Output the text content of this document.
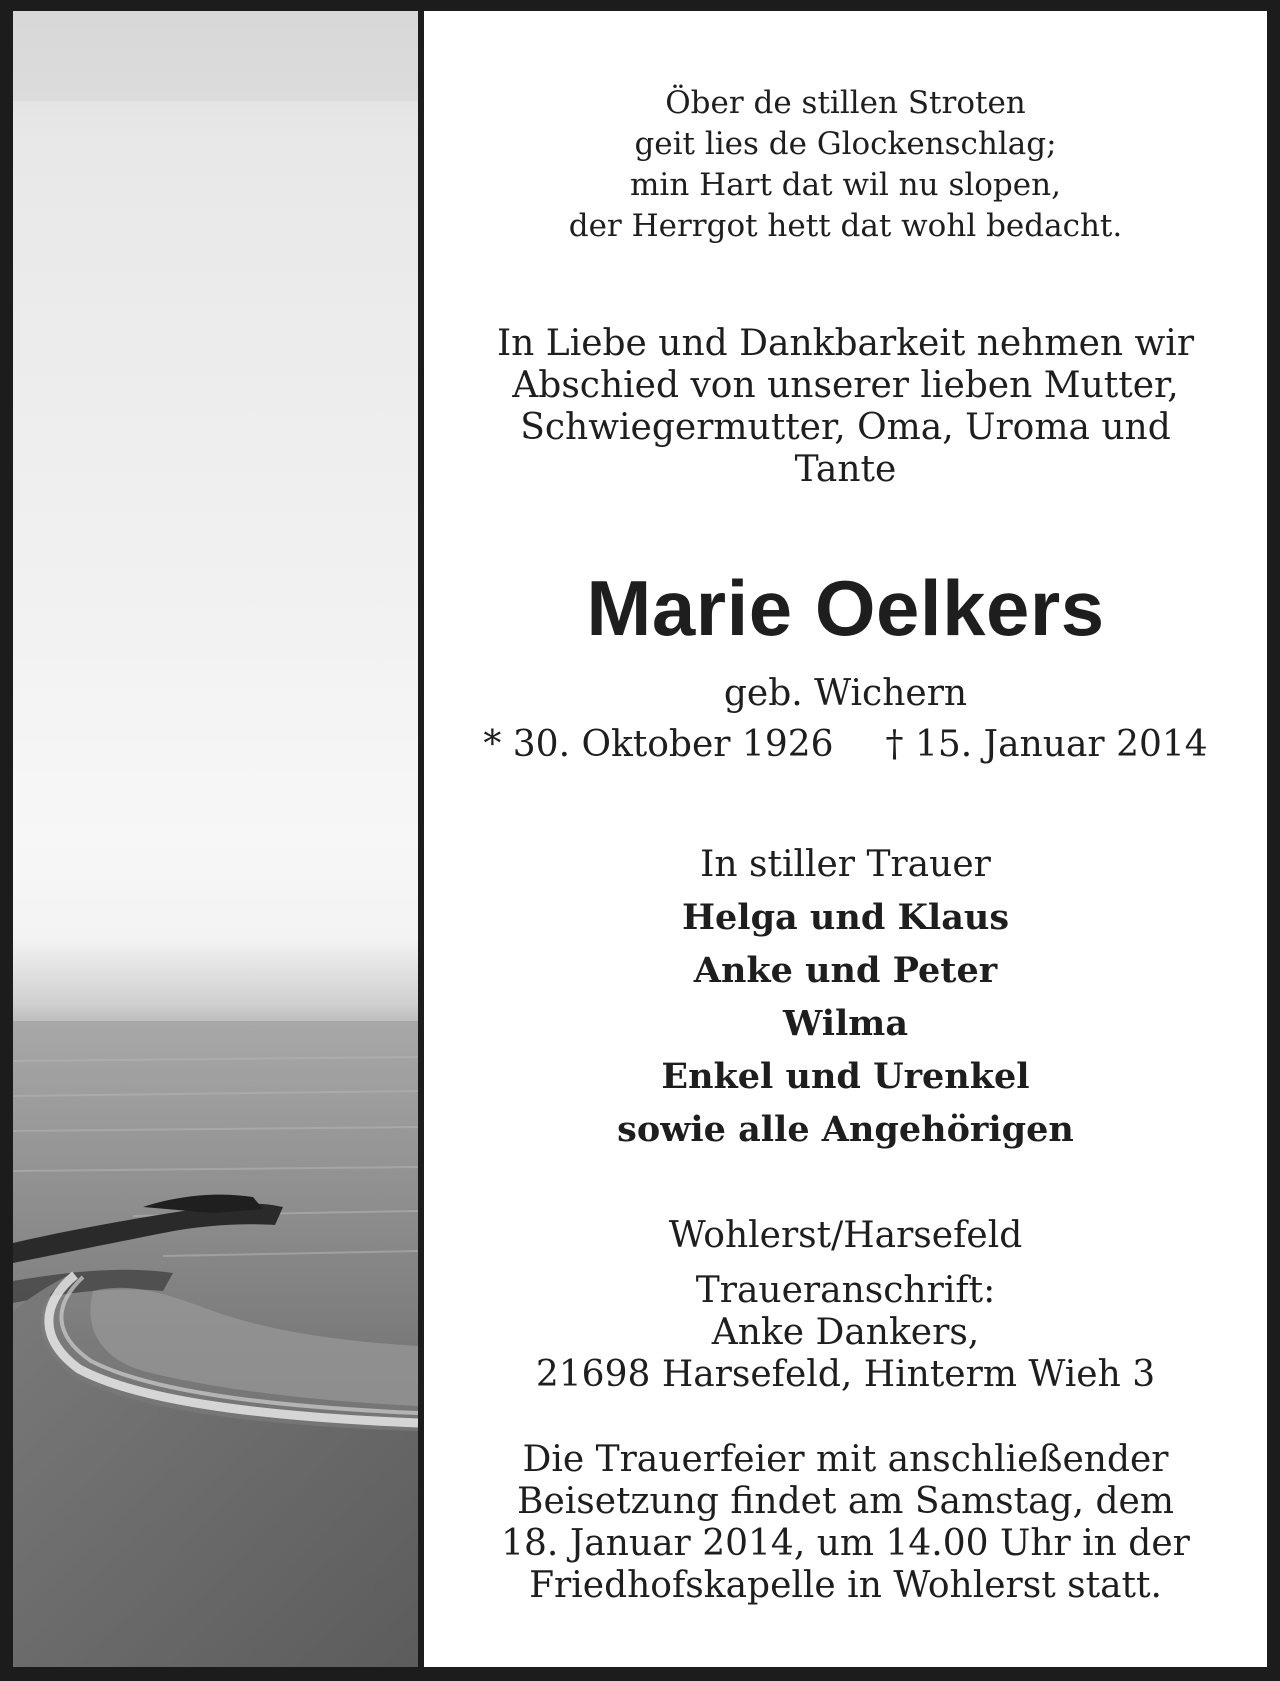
Öber de stillen Stroten
geit lies de Glockenschlag;
min Hart dat wil nu slopen,
der Herrgot hett dat wohl bedacht.
In Liebe und Dankbarkeit nehmen wir
Abschied von unserer lieben Mutter,
Schwiegermutter, Oma, Uroma und
Tante
Marie Oelkers
geb. Wichern
* 30. Oktober 1926 † 15. Januar 2014
In stiller Trauer
Helga und Klaus
Anke und Peter
Wilma
Enkel und Urenkel
sowie alle Angehörigen
Wohlerst/Harsefeld
Traueranschrift:
Anke Dankers,
21698 Harsefeld, Hinterm Wieh 3
Die Trauerfeier mit anschließender
Beisetzung findet am Samstag, dem
18. Januar 2014, um 14.00 Uhr in der
Friedhofskapelle in Wohlerst statt.
